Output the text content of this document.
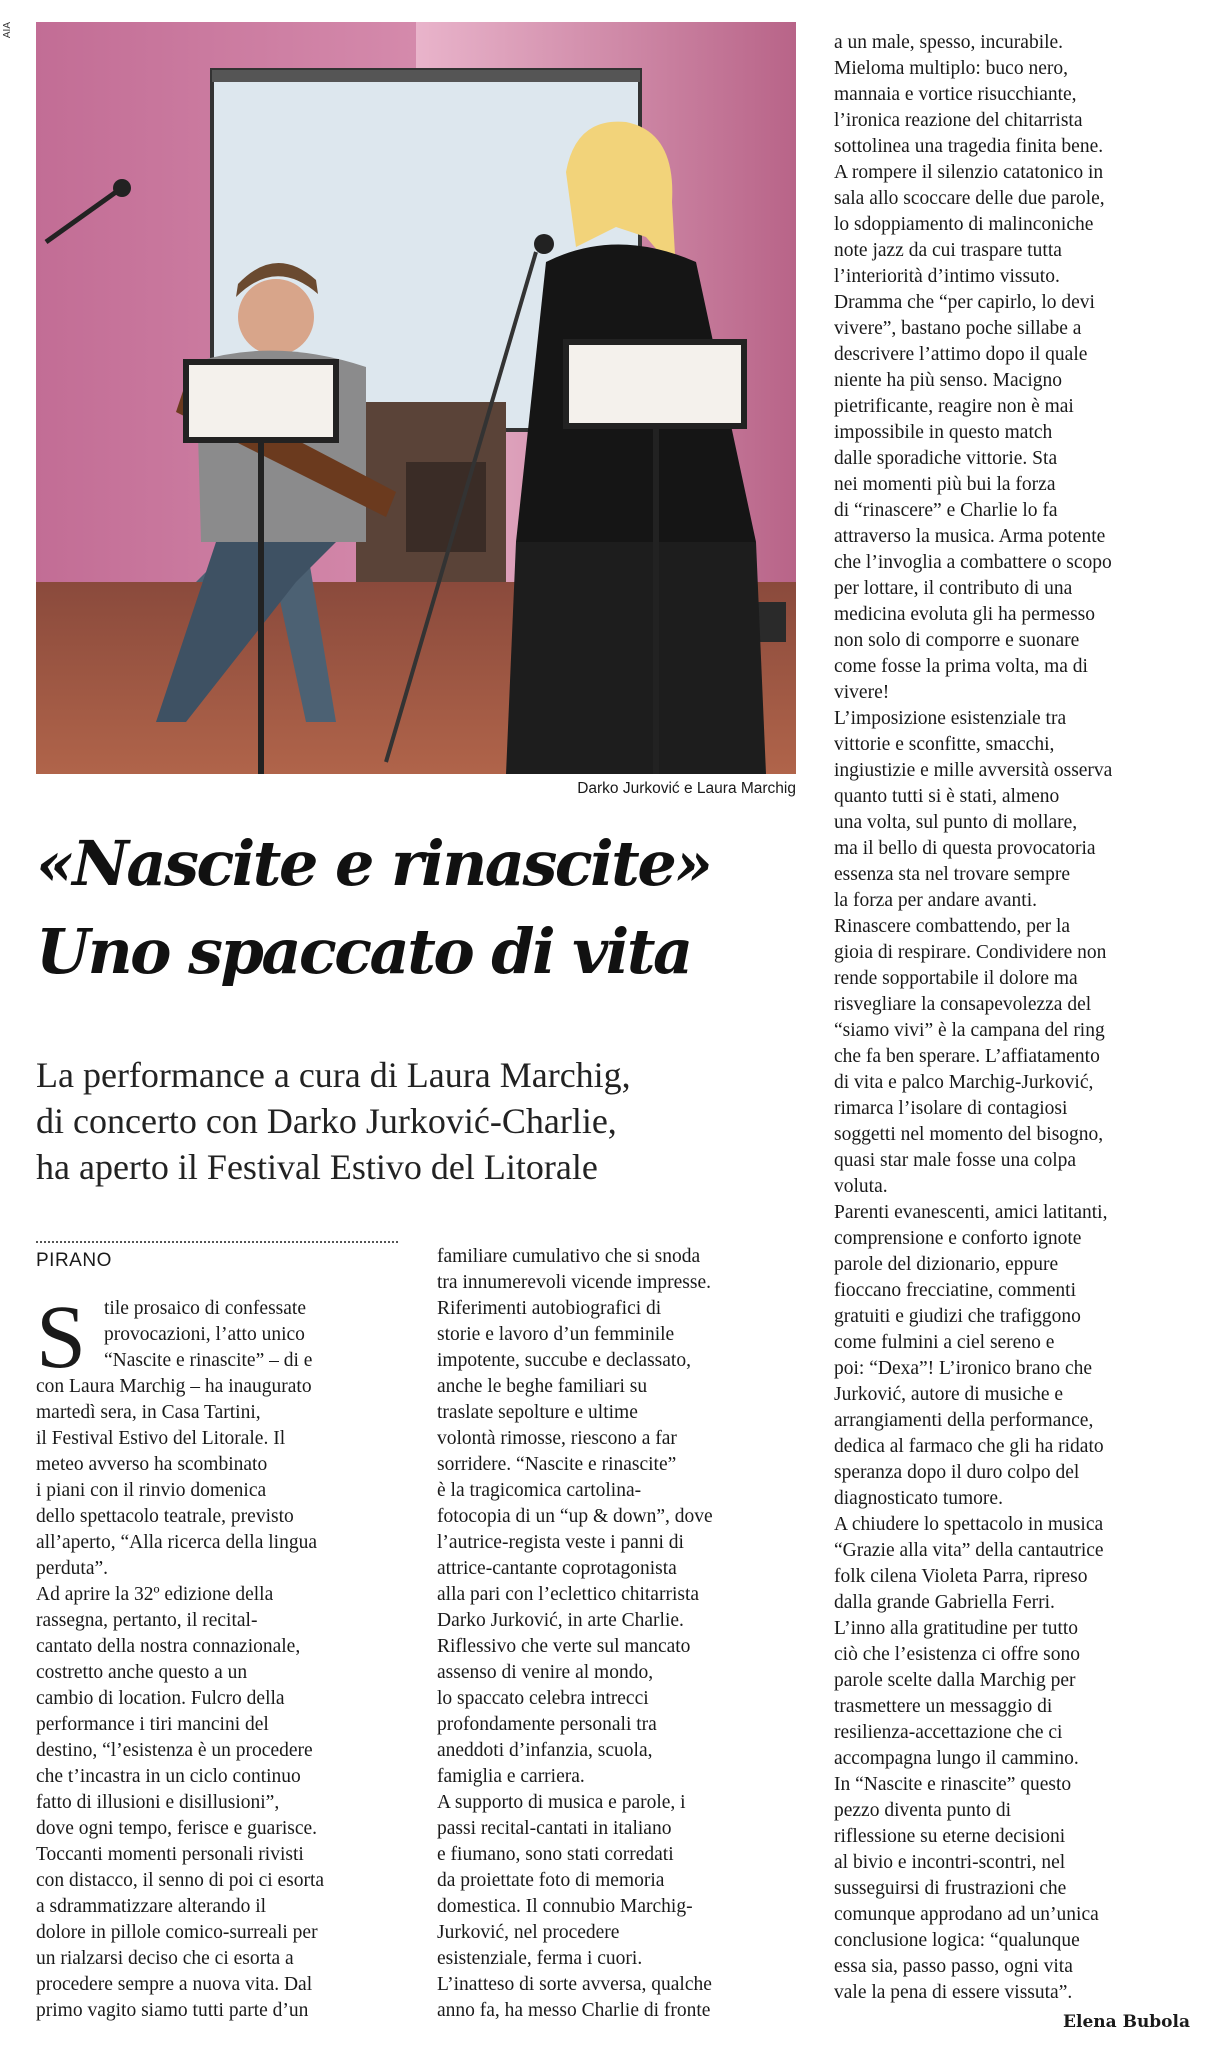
AIA
Darko Jurković e Laura Marchig
«Nascite e rinascite»
Uno spaccato di vita
La performance a cura di Laura Marchig,
di concerto con Darko Jurković-Charlie,
ha aperto il Festival Estivo del Litorale
PIRANO
S tile prosaico di confessate
provocazioni, l’atto unico
“Nascite e rinascite” – di e
con Laura Marchig – ha inaugurato
martedì sera, in Casa Tartini,
il Festival Estivo del Litorale. Il
meteo avverso ha scombinato
i piani con il rinvio domenica
dello spettacolo teatrale, previsto
all’aperto, “Alla ricerca della lingua
perduta”.
Ad aprire la 32º edizione della
rassegna, pertanto, il recital-
cantato della nostra connazionale,
costretto anche questo a un
cambio di location. Fulcro della
performance i tiri mancini del
destino, “l’esistenza è un procedere
che t’incastra in un ciclo continuo
fatto di illusioni e disillusioni”,
dove ogni tempo, ferisce e guarisce.
Toccanti momenti personali rivisti
con distacco, il senno di poi ci esorta
a sdrammatizzare alterando il
dolore in pillole comico-surreali per
un rialzarsi deciso che ci esorta a
procedere sempre a nuova vita. Dal
primo vagito siamo tutti parte d’un
familiare cumulativo che si snoda
tra innumerevoli vicende impresse.
Riferimenti autobiografici di
storie e lavoro d’un femminile
impotente, succube e declassato,
anche le beghe familiari su
traslate sepolture e ultime
volontà rimosse, riescono a far
sorridere. “Nascite e rinascite”
è la tragicomica cartolina-
fotocopia di un “up & down”, dove
l’autrice-regista veste i panni di
attrice-cantante coprotagonista
alla pari con l’eclettico chitarrista
Darko Jurković, in arte Charlie.
Riflessivo che verte sul mancato
assenso di venire al mondo,
lo spaccato celebra intrecci
profondamente personali tra
aneddoti d’infanzia, scuola,
famiglia e carriera.
A supporto di musica e parole, i
passi recital-cantati in italiano
e fiumano, sono stati corredati
da proiettate foto di memoria
domestica. Il connubio Marchig-
Jurković, nel procedere
esistenziale, ferma i cuori.
L’inatteso di sorte avversa, qualche
anno fa, ha messo Charlie di fronte
a un male, spesso, incurabile.
Mieloma multiplo: buco nero,
mannaia e vortice risucchiante,
l’ironica reazione del chitarrista
sottolinea una tragedia finita bene.
A rompere il silenzio catatonico in
sala allo scoccare delle due parole,
lo sdoppiamento di malinconiche
note jazz da cui traspare tutta
l’interiorità d’intimo vissuto.
Dramma che “per capirlo, lo devi
vivere”, bastano poche sillabe a
descrivere l’attimo dopo il quale
niente ha più senso. Macigno
pietrificante, reagire non è mai
impossibile in questo match
dalle sporadiche vittorie. Sta
nei momenti più bui la forza
di “rinascere” e Charlie lo fa
attraverso la musica. Arma potente
che l’invoglia a combattere o scopo
per lottare, il contributo di una
medicina evoluta gli ha permesso
non solo di comporre e suonare
come fosse la prima volta, ma di
vivere!
L’imposizione esistenziale tra
vittorie e sconfitte, smacchi,
ingiustizie e mille avversità osserva
quanto tutti si è stati, almeno
una volta, sul punto di mollare,
ma il bello di questa provocatoria
essenza sta nel trovare sempre
la forza per andare avanti.
Rinascere combattendo, per la
gioia di respirare. Condividere non
rende sopportabile il dolore ma
risvegliare la consapevolezza del
“siamo vivi” è la campana del ring
che fa ben sperare. L’affiatamento
di vita e palco Marchig-Jurković,
rimarca l’isolare di contagiosi
soggetti nel momento del bisogno,
quasi star male fosse una colpa
voluta.
Parenti evanescenti, amici latitanti,
comprensione e conforto ignote
parole del dizionario, eppure
fioccano frecciatine, commenti
gratuiti e giudizi che trafiggono
come fulmini a ciel sereno e
poi: “Dexa”! L’ironico brano che
Jurković, autore di musiche e
arrangiamenti della performance,
dedica al farmaco che gli ha ridato
speranza dopo il duro colpo del
diagnosticato tumore.
A chiudere lo spettacolo in musica
“Grazie alla vita” della cantautrice
folk cilena Violeta Parra, ripreso
dalla grande Gabriella Ferri.
L’inno alla gratitudine per tutto
ciò che l’esistenza ci offre sono
parole scelte dalla Marchig per
trasmettere un messaggio di
resilienza-accettazione che ci
accompagna lungo il cammino.
In “Nascite e rinascite” questo
pezzo diventa punto di
riflessione su eterne decisioni
al bivio e incontri-scontri, nel
susseguirsi di frustrazioni che
comunque approdano ad un’unica
conclusione logica: “qualunque
essa sia, passo passo, ogni vita
vale la pena di essere vissuta”.
Elena Bubola
